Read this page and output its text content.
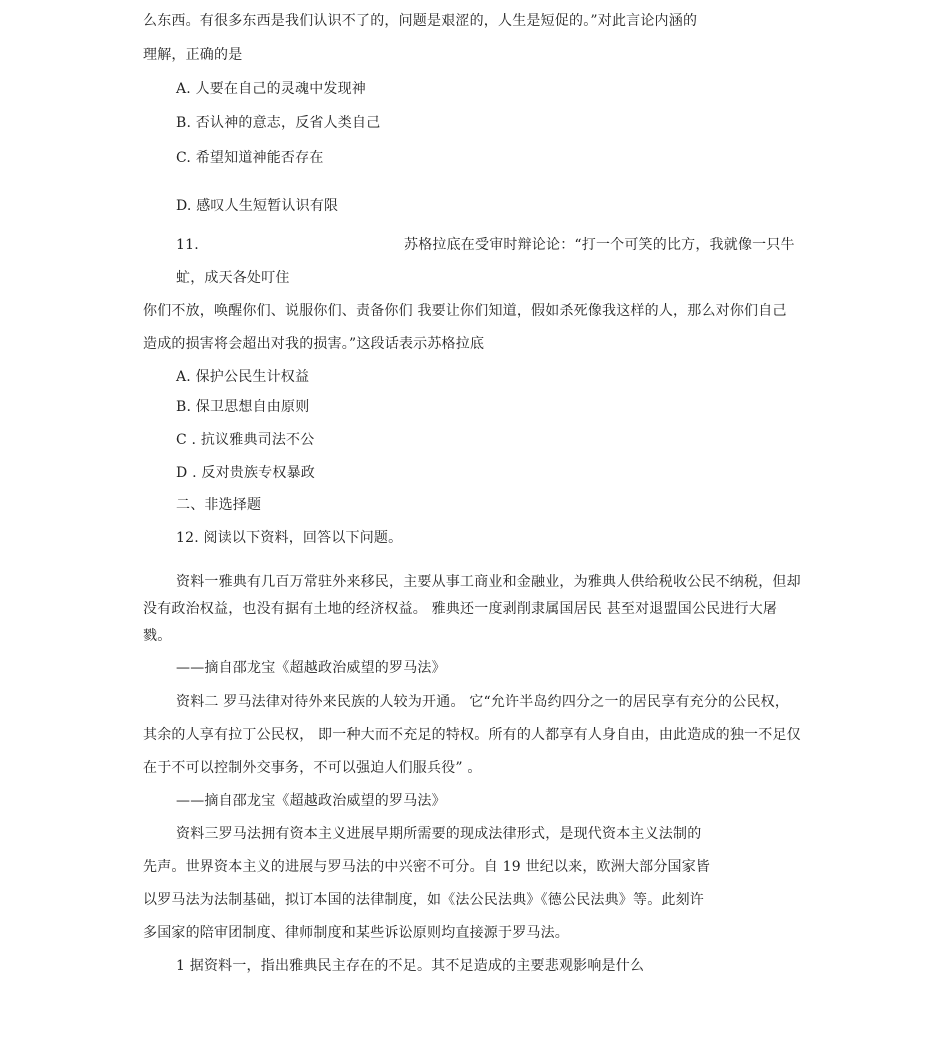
么东西。有很多东西是我们认识不了的，问题是艰涩的，人生是短促的。”对此言论内涵的
理解，正确的是
A. 人要在自己的灵魂中发现神
B. 否认神的意志，反省人类自己
C. 希望知道神能否存在
D. 感叹人生短暂认识有限
11.	苏格拉底在受审时辩论论：“打一个可笑的比方，我就像一只牛
虻，成天各处叮住
你们不放，唤醒你们、说服你们、责备你们 我要让你们知道，假如杀死像我这样的人，那么对你们自己
造成的损害将会超出对我的损害。”这段话表示苏格拉底
A. 保护公民生计权益
B. 保卫思想自由原则
C . 抗议雅典司法不公
D . 反对贵族专权暴政
二、非选择题
12. 阅读以下资料，回答以下问题。
资料一雅典有几百万常驻外来移民，主要从事工商业和金融业，为雅典人供给税收公民不纳税，但却
没有政治权益，也没有据有土地的经济权益。 雅典还一度剥削隶属国居民 甚至对退盟国公民进行大屠
戮。
——摘自邵龙宝《超越政治威望的罗马法》
资料二 罗马法律对待外来民族的人较为开通。 它“允许半岛约四分之一的居民享有充分的公民权，
其余的人享有拉丁公民权， 即一种大而不充足的特权。所有的人都享有人身自由，由此造成的独一不足仅
在于不可以控制外交事务，不可以强迫人们服兵役” 。
——摘自邵龙宝《超越政治威望的罗马法》
资料三罗马法拥有资本主义进展早期所需要的现成法律形式，是现代资本主义法制的
先声。世界资本主义的进展与罗马法的中兴密不可分。自 19 世纪以来，欧洲大部分国家皆
以罗马法为法制基础，拟订本国的法律制度，如《法公民法典》《德公民法典》等。此刻许
多国家的陪审团制度、律师制度和某些诉讼原则均直接源于罗马法。
1 据资料一，指出雅典民主存在的不足。其不足造成的主要悲观影响是什么
